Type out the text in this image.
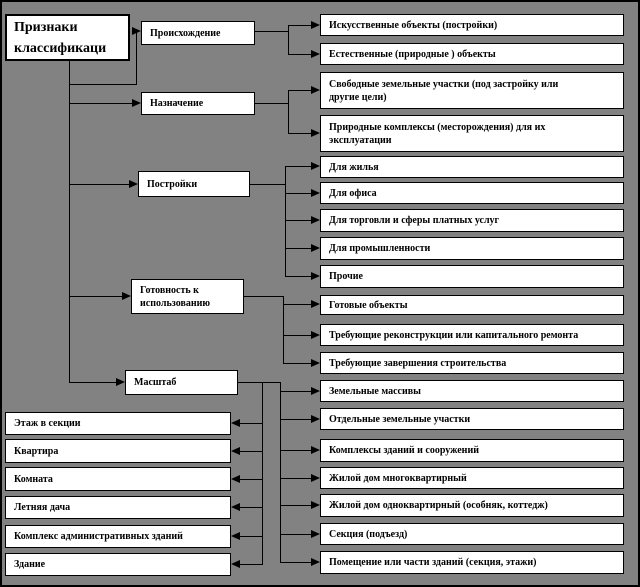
Признаки классификаци
Происхождение
Назначение
Постройки
Готовность к использованию
Масштаб
Искусственные объекты (постройки)
Естественные (природные ) объекты
Свободные земельные участки (под застройку или другие цели)
Природные комплексы (месторождения) для их эксплуатации
Для жилья
Для офиса
Для торговли и сферы платных услуг
Для промышленности
Прочие
Готовые объекты
Требующие реконструкции или капитального ремонта
Требующие завершения строительства
Земельные массивы
Отдельные земельные участки
Комплексы зданий и сооружений
Жилой дом многоквартирный
Жилой дом одноквартирный (особняк, коттедж)
Секция (подъезд)
Помещение или части зданий (секция, этажи)
Этаж в секции
Квартира
Комната
Летняя дача
Комплекс административных зданий
Здание
